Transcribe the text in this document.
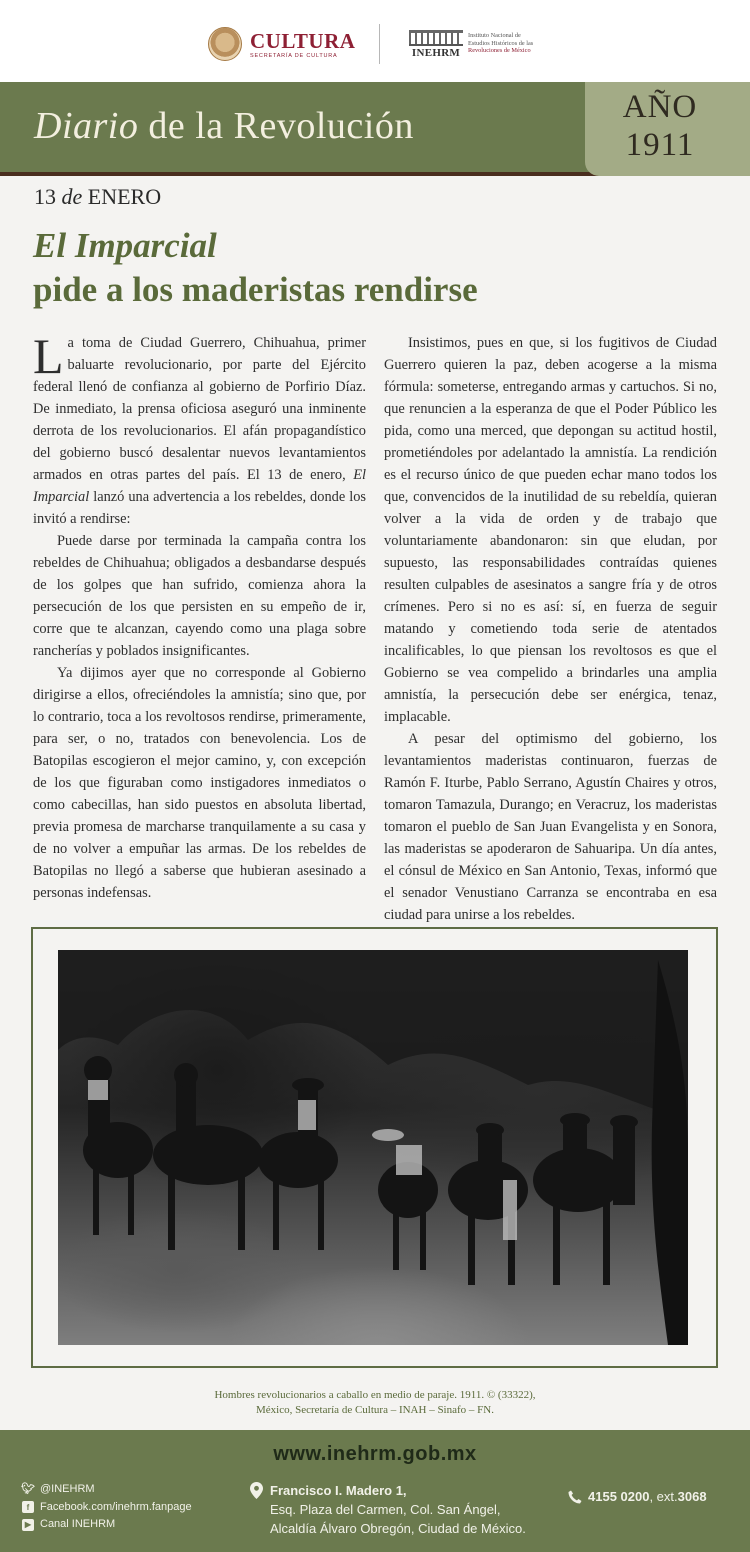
CULTURA
SECRETARÍA DE CULTURA	INEHRM
Instituto Nacional de
Estudios Históricos de las
Revoluciones de México
Diario de la Revolución	AÑO
1911
13 de ENERO
El Imparcial
pide a los maderistas rendirse

La toma de Ciudad Guerrero, Chihuahua, primer baluarte revolucionario, por parte del Ejército federal llenó de confianza al gobierno de Porfirio Díaz. De inmediato, la prensa oficiosa aseguró una inminente derrota de los revolucionarios. El afán propagandístico del gobierno buscó desalentar nuevos levantamientos armados en otras partes del país. El 13 de enero, El Imparcial lanzó una advertencia a los rebeldes, donde los invitó a rendirse:

Puede darse por terminada la campaña contra los rebeldes de Chihuahua; obligados a desbandarse después de los golpes que han sufrido, comienza ahora la persecución de los que persisten en su empeño de ir, corre que te alcanzan, cayendo como una plaga sobre rancherías y poblados insignificantes.

Ya dijimos ayer que no corresponde al Gobierno dirigirse a ellos, ofreciéndoles la amnistía; sino que, por lo contrario, toca a los revoltosos rendirse, primeramente, para ser, o no, tratados con benevolencia. Los de Batopilas escogieron el mejor camino, y, con excepción de los que figuraban como instigadores inmediatos o como cabecillas, han sido puestos en absoluta libertad, previa promesa de marcharse tranquilamente a su casa y de no volver a empuñar las armas. De los rebeldes de Batopilas no llegó a saberse que hubieran asesinado a personas indefensas.

Insistimos, pues en que, si los fugitivos de Ciudad Guerrero quieren la paz, deben acogerse a la misma fórmula: someterse, entregando armas y cartuchos. Si no, que renuncien a la esperanza de que el Poder Público les pida, como una merced, que depongan su actitud hostil, prometiéndoles por adelantado la amnistía. La rendición es el recurso único de que pueden echar mano todos los que, convencidos de la inutilidad de su rebeldía, quieran volver a la vida de orden y de trabajo que voluntariamente abandonaron: sin que eludan, por supuesto, las responsabilidades contraídas quienes resulten culpables de asesinatos a sangre fría y de otros crímenes. Pero si no es así: sí, en fuerza de seguir matando y cometiendo toda serie de atentados incalificables, lo que piensan los revoltosos es que el Gobierno se vea compelido a brindarles una amplia amnistía, la persecución debe ser enérgica, tenaz, implacable.

A pesar del optimismo del gobierno, los levantamientos maderistas continuaron, fuerzas de Ramón F. Iturbe, Pablo Serrano, Agustín Chaires y otros, tomaron Tamazula, Durango; en Veracruz, los maderistas tomaron el pueblo de San Juan Evangelista y en Sonora, las maderistas se apoderaron de Sahuaripa. Un día antes, el cónsul de México en San Antonio, Texas, informó que el senador Venustiano Carranza se encontraba en esa ciudad para unirse a los rebeldes.

Hombres revolucionarios a caballo en medio de paraje. 1911. © (33322),
México, Secretaría de Cultura – INAH – Sinafo – FN.
www.inehrm.gob.mx
🐦︎ @INEHRM
f Facebook.com/inehrm.fanpage
▶ Canal INEHRM
Francisco I. Madero 1,
Esq. Plaza del Carmen, Col. San Ángel,
Alcaldía Álvaro Obregón, Ciudad de México.
4155 0200 , ext. 3068
